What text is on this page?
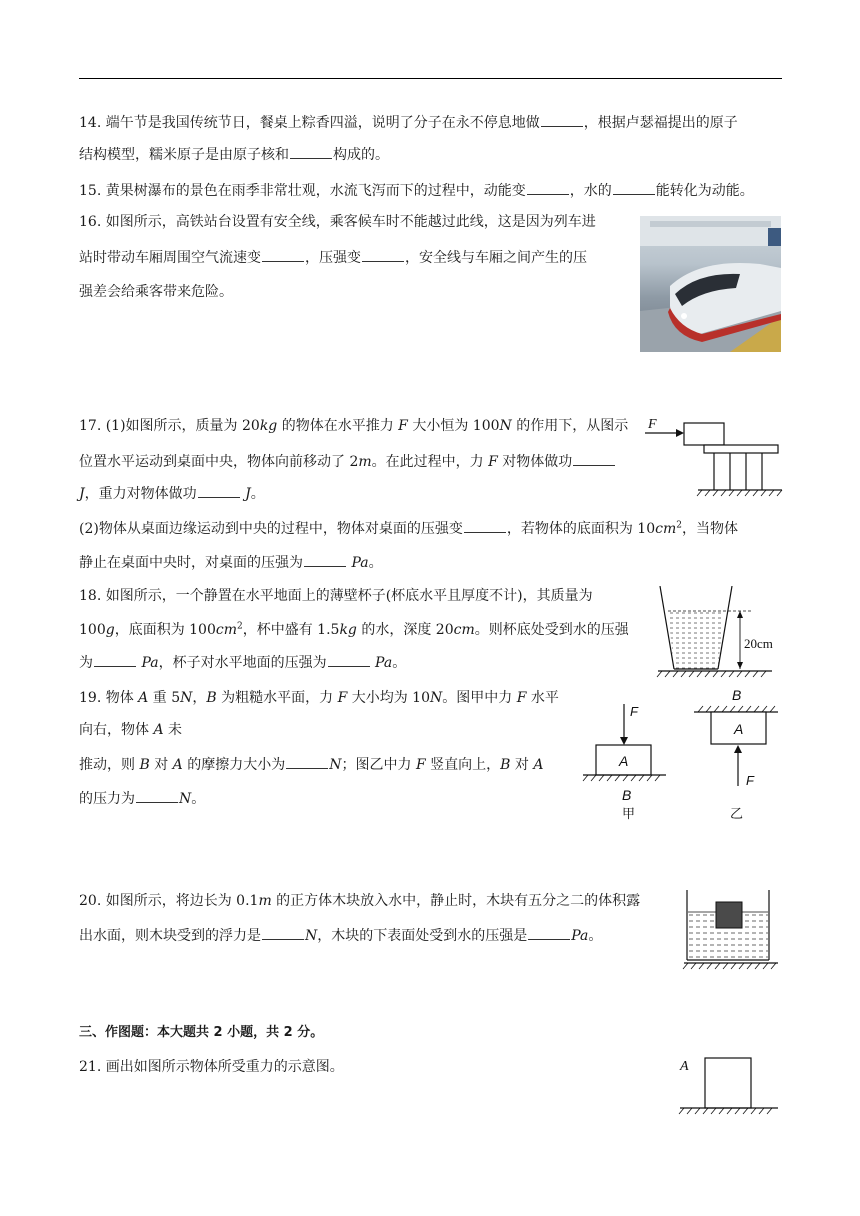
14. 端午节是我国传统节日，餐桌上粽香四溢，说明了分子在永不停息地做	，根据卢瑟福提出的原子
结构模型，糯米原子是由原子核和	构成的。
15. 黄果树瀑布的景色在雨季非常壮观，水流飞泻而下的过程中，动能变	，水的	能转化为动能。
16. 如图所示，高铁站台设置有安全线，乘客候车时不能越过此线，这是因为列车进
站时带动车厢周围空气流速变	，压强变	，安全线与车厢之间产生的压
强差会给乘客带来危险。
17. (1)如图所示，质量为 20kg 的物体在水平推力 F 大小恒为 100N 的作用下，从图示
位置水平运动到桌面中央，物体向前移动了 2m。在此过程中，力 F 对物体做功
J，重力对物体做功	J。
(2)物体从桌面边缘运动到中央的过程中，物体对桌面的压强变	，若物体的底面积为 $10cm^2$，当物体
静止在桌面中央时，对桌面的压强为	Pa。
F
18. 如图所示，一个静置在水平地面上的薄壁杯子(杯底水平且厚度不计)，其质量为
100g，底面积为 $100cm^2$，杯中盛有 1.5kg 的水，深度 20cm。则杯底处受到水的压强
为	Pa，杯子对水平地面的压强为	Pa。
20cm
19. 物体 A 重 5N，B 为粗糙水平面，力 F 大小均为 10N。图甲中力 F 水平
向右，物体 A 未
推动，则 B 对 A 的摩擦力大小为	N；图乙中力 F 竖直向上，B 对 A
的压力为	N。
F
A
B
甲
B
A
F
乙
20. 如图所示，将边长为 0.1m 的正方体木块放入水中，静止时，木块有五分之二的体积露
出水面，则木块受到的浮力是	N，木块的下表面处受到水的压强是	Pa。
三、作图题：本大题共 2 小题，共 2 分。
21. 画出如图所示物体所受重力的示意图。	A
